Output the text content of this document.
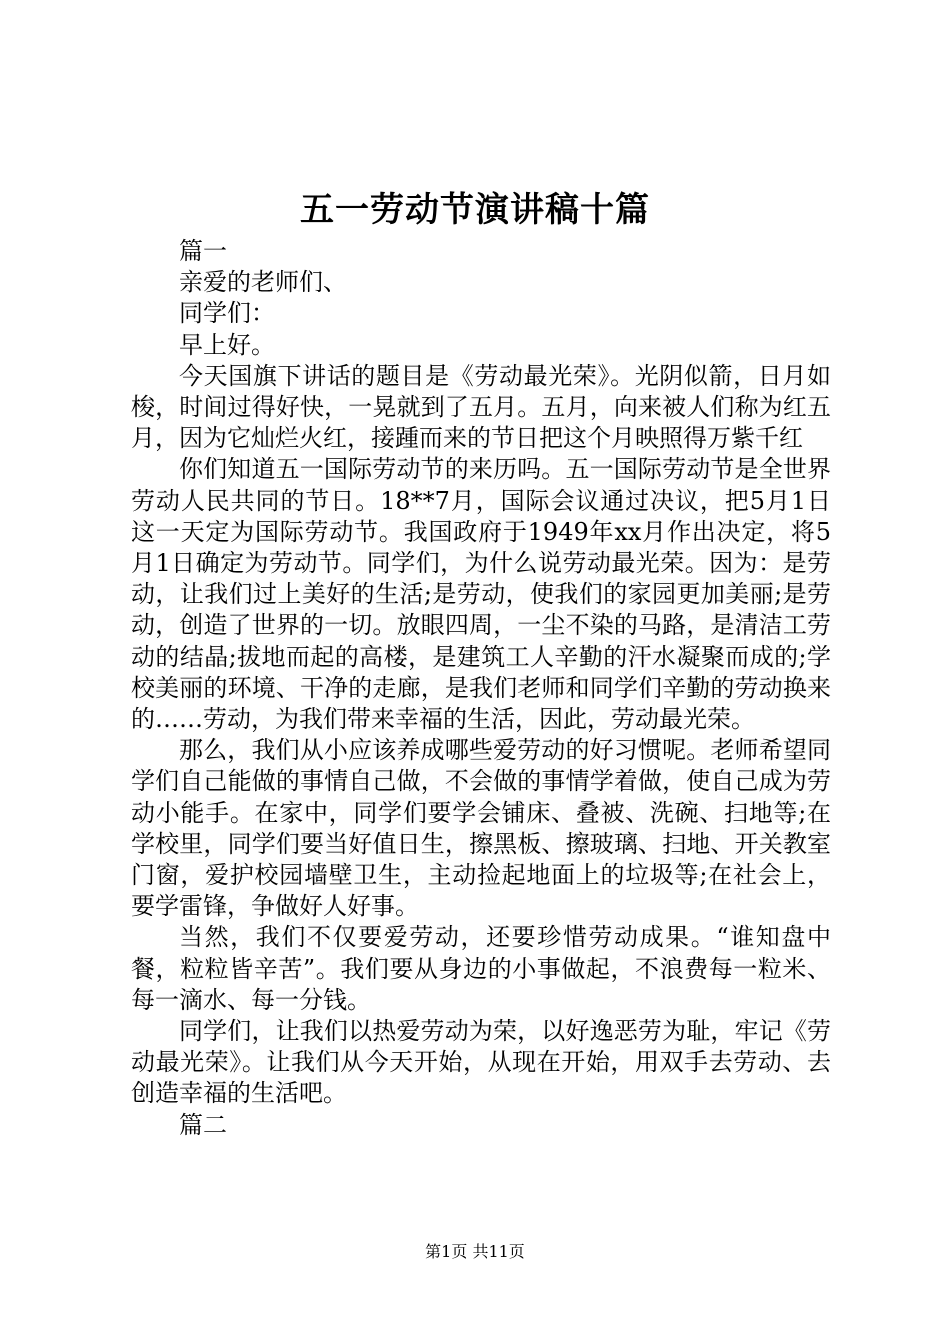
五一劳动节演讲稿十篇

篇一

亲爱的老师们、

同学们：

早上好。

今天国旗下讲话的题目是《劳动最光荣》。光阴似箭，日月如梭，时间过得好快，一晃就到了五月。五月，向来被人们称为红五月，因为它灿烂火红，接踵而来的节日把这个月映照得万紫千红

你们知道五一国际劳动节的来历吗。五一国际劳动节是全世界劳动人民共同的节日。18**7月，国际会议通过决议，把5月1日这一天定为国际劳动节。我国政府于1949年xx月作出决定，将5月1日确定为劳动节。同学们，为什么说劳动最光荣。因为：是劳动，让我们过上美好的生活;是劳动，使我们的家园更加美丽;是劳动，创造了世界的一切。放眼四周，一尘不染的马路，是清洁工劳动的结晶;拔地而起的高楼，是建筑工人辛勤的汗水凝聚而成的;学校美丽的环境、干净的走廊，是我们老师和同学们辛勤的劳动换来的……劳动，为我们带来幸福的生活，因此，劳动最光荣。

那么，我们从小应该养成哪些爱劳动的好习惯呢。老师希望同学们自己能做的事情自己做，不会做的事情学着做，使自己成为劳动小能手。在家中，同学们要学会铺床、叠被、洗碗、扫地等;在学校里，同学们要当好值日生，擦黑板、擦玻璃、扫地、开关教室门窗，爱护校园墙壁卫生，主动捡起地面上的垃圾等;在社会上，要学雷锋，争做好人好事。

当然，我们不仅要爱劳动，还要珍惜劳动成果。“谁知盘中餐，粒粒皆辛苦”。我们要从身边的小事做起，不浪费每一粒米、每一滴水、每一分钱。

同学们，让我们以热爱劳动为荣，以好逸恶劳为耻，牢记《劳动最光荣》。让我们从今天开始，从现在开始，用双手去劳动、去创造幸福的生活吧。

篇二

第1页 共11页
